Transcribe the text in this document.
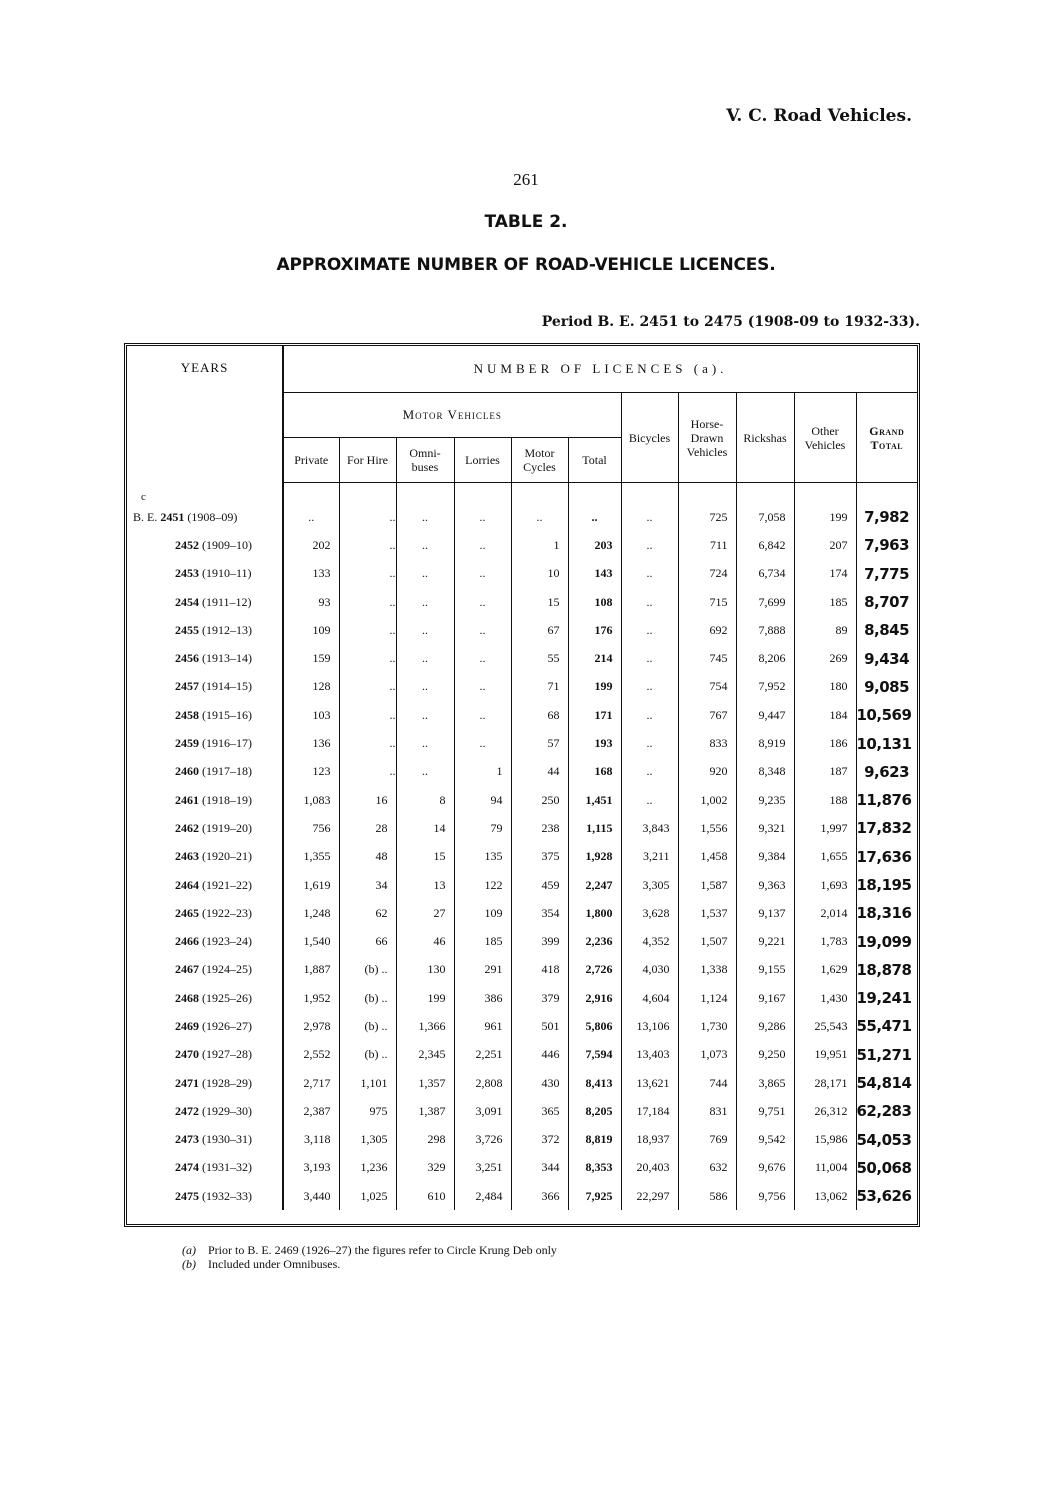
V. C. Road Vehicles.
261
TABLE 2.
APPROXIMATE NUMBER OF ROAD-VEHICLE LICENCES.
Period B. E. 2451 to 2475 (1908-09 to 1932-33).
YEARS	NUMBER OF LICENCES (a).										
	Motor Vehicles						Bicycles	Horse- Drawn Vehicles	Rickshas	Other Vehicles	Grand Total
	Private	For Hire	Omni- buses	Lorries	Motor Cycles	Total					
c											
B. E. 2451 (1908–09)	..	..	..	..	..	..	..	725	7,058	199	7,982
2452 (1909–10)	202	..	..	..	1	203	..	711	6,842	207	7,963
2453 (1910–11)	133	..	..	..	10	143	..	724	6,734	174	7,775
2454 (1911–12)	93	..	..	..	15	108	..	715	7,699	185	8,707
2455 (1912–13)	109	..	..	..	67	176	..	692	7,888	89	8,845
2456 (1913–14)	159	..	..	..	55	214	..	745	8,206	269	9,434
2457 (1914–15)	128	..	..	..	71	199	..	754	7,952	180	9,085
2458 (1915–16)	103	..	..	..	68	171	..	767	9,447	184	10,569
2459 (1916–17)	136	..	..	..	57	193	..	833	8,919	186	10,131
2460 (1917–18)	123	..	..	1	44	168	..	920	8,348	187	9,623
2461 (1918–19)	1,083	16	8	94	250	1,451	..	1,002	9,235	188	11,876
2462 (1919–20)	756	28	14	79	238	1,115	3,843	1,556	9,321	1,997	17,832
2463 (1920–21)	1,355	48	15	135	375	1,928	3,211	1,458	9,384	1,655	17,636
2464 (1921–22)	1,619	34	13	122	459	2,247	3,305	1,587	9,363	1,693	18,195
2465 (1922–23)	1,248	62	27	109	354	1,800	3,628	1,537	9,137	2,014	18,316
2466 (1923–24)	1,540	66	46	185	399	2,236	4,352	1,507	9,221	1,783	19,099
2467 (1924–25)	1,887	(b) ..	130	291	418	2,726	4,030	1,338	9,155	1,629	18,878
2468 (1925–26)	1,952	(b) ..	199	386	379	2,916	4,604	1,124	9,167	1,430	19,241
2469 (1926–27)	2,978	(b) ..	1,366	961	501	5,806	13,106	1,730	9,286	25,543	55,471
2470 (1927–28)	2,552	(b) ..	2,345	2,251	446	7,594	13,403	1,073	9,250	19,951	51,271
2471 (1928–29)	2,717	1,101	1,357	2,808	430	8,413	13,621	744	3,865	28,171	54,814
2472 (1929–30)	2,387	975	1,387	3,091	365	8,205	17,184	831	9,751	26,312	62,283
2473 (1930–31)	3,118	1,305	298	3,726	372	8,819	18,937	769	9,542	15,986	54,053
2474 (1931–32)	3,193	1,236	329	3,251	344	8,353	20,403	632	9,676	11,004	50,068
2475 (1932–33)	3,440	1,025	610	2,484	366	7,925	22,297	586	9,756	13,062	53,626
(a) Prior to B. E. 2469 (1926–27) the figures refer to Circle Krung Deb only
(b) Included under Omnibuses.
